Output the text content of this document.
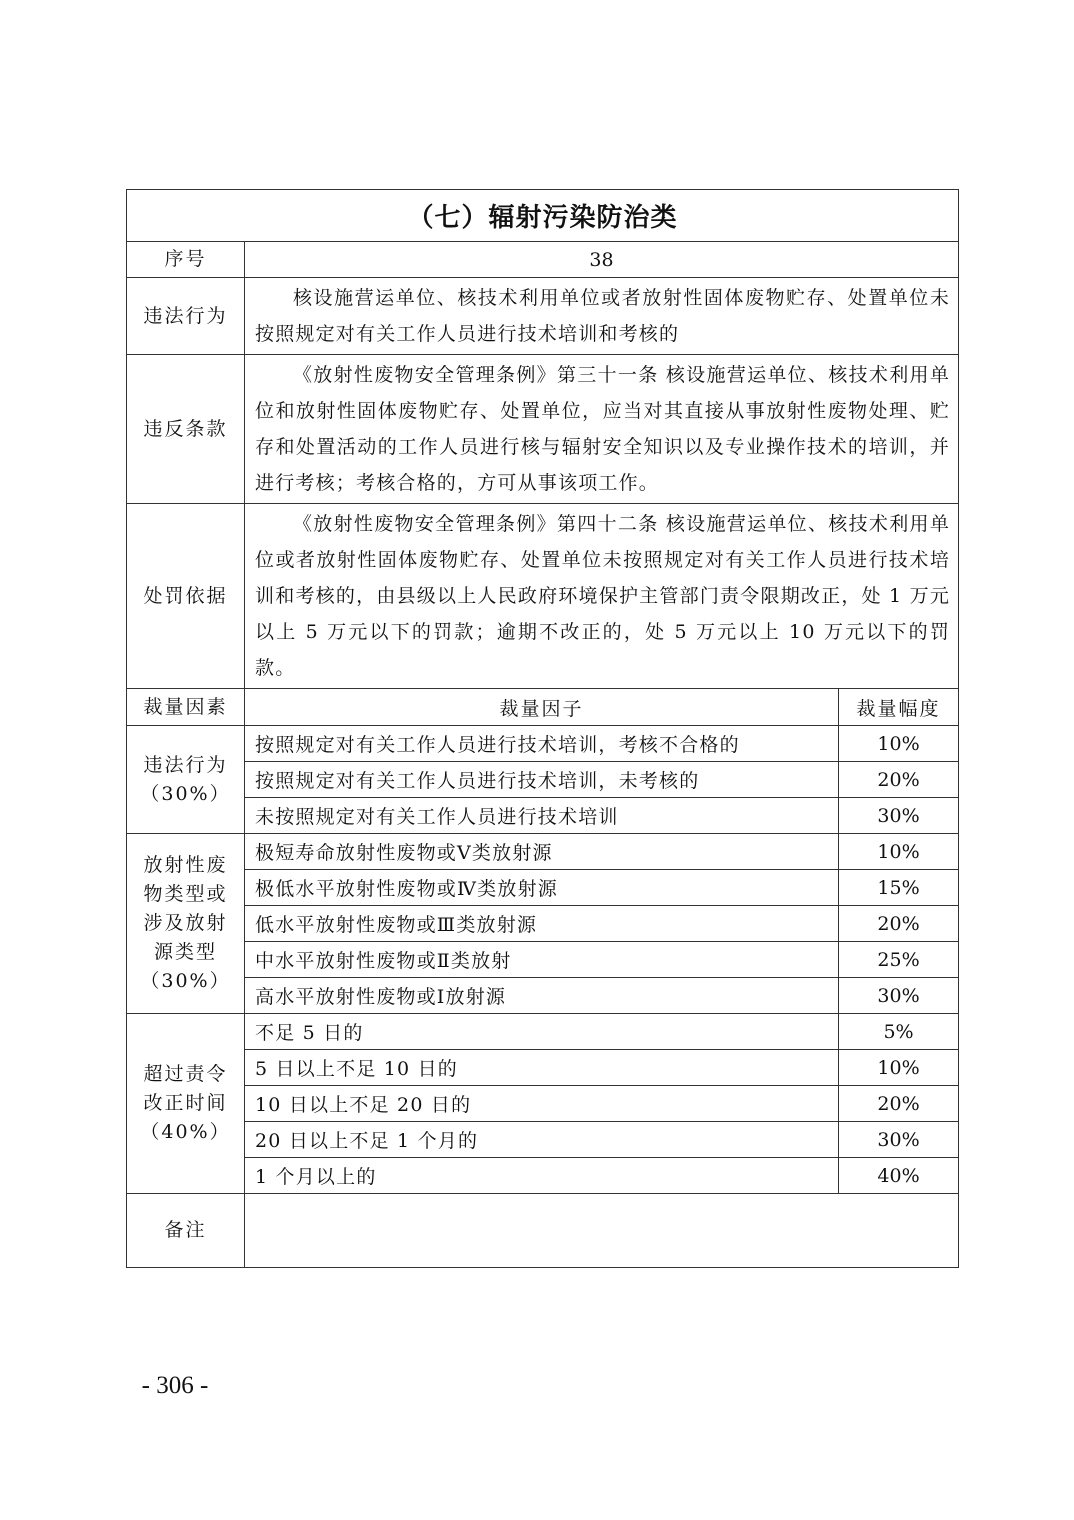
（七）辐射污染防治类		
序号	38	
违法行为	核设施营运单位、核技术利用单位或者放射性固体废物贮存、处置单位未按照规定对有关工作人员进行技术培训和考核的	
违反条款	《放射性废物安全管理条例》第三十一条 核设施营运单位、核技术利用单位和放射性固体废物贮存、处置单位，应当对其直接从事放射性废物处理、贮存和处置活动的工作人员进行核与辐射安全知识以及专业操作技术的培训，并进行考核；考核合格的，方可从事该项工作。	
处罚依据	《放射性废物安全管理条例》第四十二条 核设施营运单位、核技术利用单位或者放射性固体废物贮存、处置单位未按照规定对有关工作人员进行技术培训和考核的，由县级以上人民政府环境保护主管部门责令限期改正，处 1 万元以上 5 万元以下的罚款；逾期不改正的，处 5 万元以上 10 万元以下的罚款。	
裁量因素	裁量因子	裁量幅度
违法行为（30%）	按照规定对有关工作人员进行技术培训，考核不合格的	10%
	按照规定对有关工作人员进行技术培训，未考核的	20%
	未按照规定对有关工作人员进行技术培训	30%
放射性废物类型或涉及放射源类型（30%）	极短寿命放射性废物或Ⅴ类放射源	10%
	极低水平放射性废物或Ⅳ类放射源	15%
	低水平放射性废物或Ⅲ类放射源	20%
	中水平放射性废物或Ⅱ类放射	25%
	高水平放射性废物或Ⅰ放射源	30%
超过责令改正时间（40%）	不足 5 日的	5%
	5 日以上不足 10 日的	10%
	10 日以上不足 20 日的	20%
	20 日以上不足 1 个月的	30%
	1 个月以上的	40%
备注		
- 306 -
